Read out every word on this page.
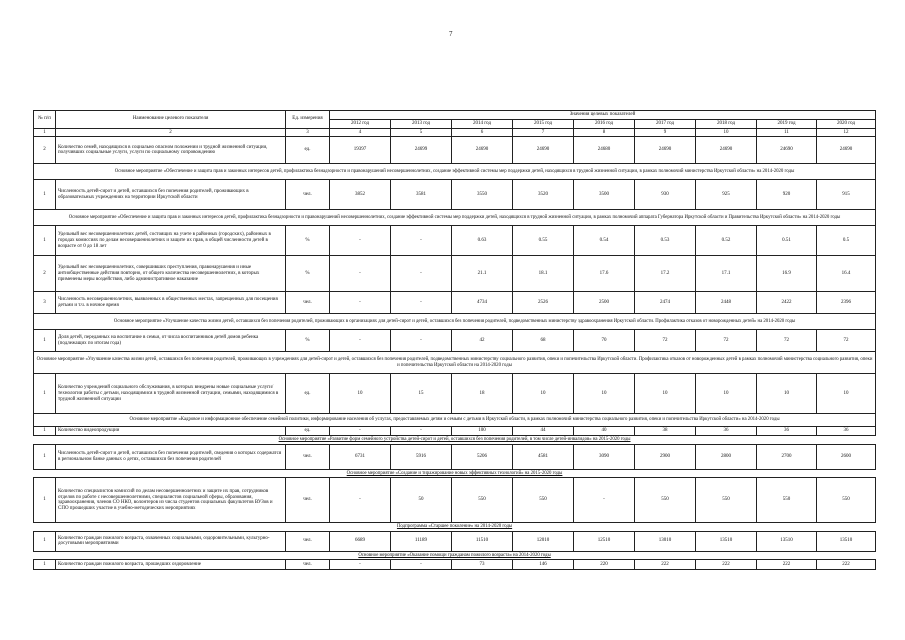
7
№ п/п	Наименование целевого показателя	Ед. измерения	Значения целевых показателей								
			2012 год	2013 год	2014 год	2015 год	2016 год	2017 год	2018 год	2019 год	2020 год
1	2	3	4	5	6	7	8	9	10	11	12
2	Количество семей, находящихся в социально опасном положении и трудной жизненной ситуации, получивших социальные услуги, услуги по социальному сопровождению	ед.	19397	24699	24690	24690	24680	24690	24690	24690	24690
Основное мероприятие «Обеспечение и защита прав и законных интересов детей, профилактика безнадзорности и правонарушений несовершеннолетних, создание эффективной системы мер поддержки детей, находящихся в трудной жизненной ситуации, в рамках полномочий министерства Иркутской области» на 2014-2020 годы											
1	Численность детей-сирот и детей, оставшихся без попечения родителей, проживающих в образовательных учреждениях на территории Иркутской области	чел.	3852	3581	3550	3520	3500	930	925	920	915
Основное мероприятие «Обеспечение и защита прав и законных интересов детей, профилактика безнадзорности и правонарушений несовершеннолетних, создание эффективной системы мер поддержки детей, находящихся в трудной жизненной ситуации, в рамках полномочий аппарата Губернатора Иркутской области и Правительства Иркутской области» на 2014-2020 годы											
1	Удельный вес несовершеннолетних детей, состоящих на учете в районных (городских), районных в городах комиссиях по делам несовершеннолетних и защите их прав, в общей численности детей в возрасте от 0 до 18 лет	%	-	-	0.63	0.55	0.54	0.53	0.52	0.51	0.5
2	Удельный вес несовершеннолетних, совершивших преступления, правонарушения и иные антиобщественные действия повторно, от общего количества несовершеннолетних, в которых применены меры воздействия, либо административное наказание	%	-	-	21.1	18.1	17.6	17.2	17.1	16.9	16.4
3	Численность несовершеннолетних, выявленных в общественных местах, запрещенных для посещения детьми и т.ч. в ночное время	чел.	-	-	4734	2526	2500	2474	2448	2422	2396
Основное мероприятие «Улучшение качества жизни детей, оставшихся без попечения родителей, проживающих в организациях для детей-сирот и детей, оставшихся без попечения родителей, подведомственных министерству здравоохранения Иркутской области. Профилактика отказов от новорожденных детей» на 2014-2020 годы											
1	Доля детей, переданных на воспитание в семьи, от числа воспитанников детей домов ребенка (подлежащих по итогам года)	%	-	-	42	68	70	72	72	72	72
Основное мероприятие «Улучшение качества жизни детей, оставшихся без попечения родителей, проживающих в учреждениях для детей-сирот и детей, оставшихся без попечения родителей, подведомственных министерству социального развития, опеки и попечительства Иркутской области. Профилактика отказов от новорожденных детей в рамках полномочий министерства социального развития, опеки и попечительства Иркутской области на 2014-2020 годы											
1	Количество учреждений социального обслуживания, в которых внедрены новые социальные услуги/технологии работы с детьми, находящимися в трудной жизненной ситуации, семьями, находящимися в трудной жизненной ситуации	ед.	10	15	18	10	10	10	10	10	10
Основное мероприятие «Кадровое и информационное обеспечение семейной политики, информирование населения об услугах, предоставляемых детям и семьям с детьми в Иркутской области, в рамках полномочий министерства социального развития, опеки и попечительства Иркутской области» на 2014-2020 годы											
1	Количество видеопродукции	ед.	-	-	100	44	40	38	36	36	36
Основное мероприятие «Развитие форм семейного устройства детей-сирот и детей, оставшихся без попечения родителей, в том числе детей-инвалидов» на 2015-2020 годы											
1	Численность детей-сирот и детей, оставшихся без попечения родителей, сведения о которых содержатся в региональном банке данных о детях, оставшихся без попечения родителей	чел.	6731	5916	5206	4581	3090	2900	2800	2700	2600
Основное мероприятие «Создание и тиражирование новых эффективных технологий» на 2015-2020 годы											
1	Количество специалистов комиссий по делам несовершеннолетних и защите их прав, сотрудников отделов по работе с несовершеннолетними, специалистов социальной сферы, образования, здравоохранения, членов СО НКО, волонтеров из числа студентов социальных факультетов ВУЗов и СПО прошедших участие в учебно-методических мероприятиях	чел.	-	50	550	550	-	550	550	550	550
Подпрограмма «Старшее поколение» на 2014-2020 годы											
1	Количество граждан пожилого возраста, охваченных социальными, оздоровительными, культурно-досуговыми мероприятиями	чел.	6689	11189	11510	12010	12510	13010	13510	13510	13510
Основное мероприятие «Оказание помощи гражданам пожилого возраста» на 2014-2020 годы											
1	Количество граждан пожилого возраста, прошедших оздоровление	чел.	-	-	73	146	220	222	222	222	222
